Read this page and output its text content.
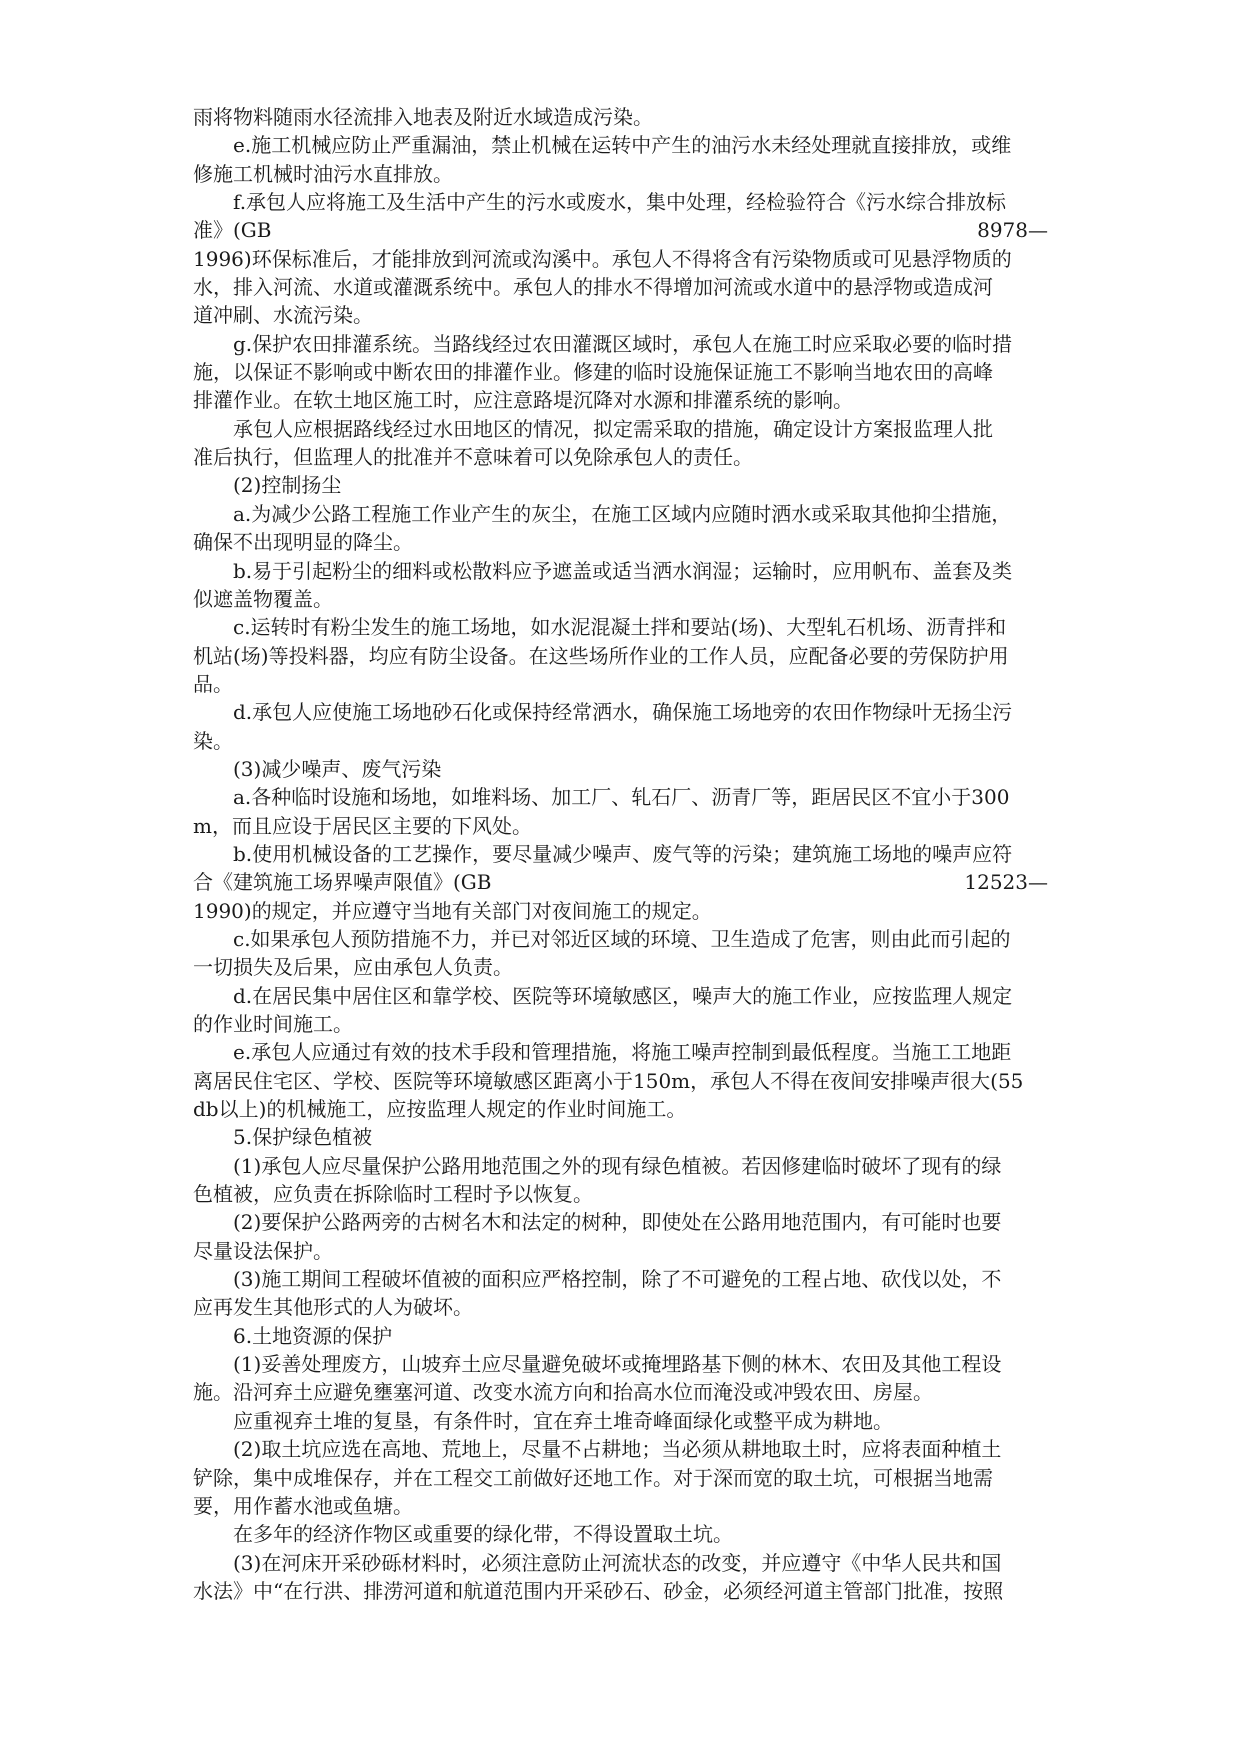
雨将物料随雨水径流排入地表及附近水域造成污染。
e.施工机械应防止严重漏油，禁止机械在运转中产生的油污水未经处理就直接排放，或维
修施工机械时油污水直排放。
f.承包人应将施工及生活中产生的污水或废水，集中处理，经检验符合《污水综合排放标
准》(GB	8978—
1996)环保标准后，才能排放到河流或沟溪中。承包人不得将含有污染物质或可见悬浮物质的
水，排入河流、水道或灌溉系统中。承包人的排水不得增加河流或水道中的悬浮物或造成河
道冲刷、水流污染。
g.保护农田排灌系统。当路线经过农田灌溉区域时，承包人在施工时应采取必要的临时措
施，以保证不影响或中断农田的排灌作业。修建的临时设施保证施工不影响当地农田的高峰
排灌作业。在软土地区施工时，应注意路堤沉降对水源和排灌系统的影响。
承包人应根据路线经过水田地区的情况，拟定需采取的措施，确定设计方案报监理人批
准后执行，但监理人的批准并不意味着可以免除承包人的责任。
(2)控制扬尘
a.为减少公路工程施工作业产生的灰尘，在施工区域内应随时洒水或采取其他抑尘措施，
确保不出现明显的降尘。
b.易于引起粉尘的细料或松散料应予遮盖或适当洒水润湿；运输时，应用帆布、盖套及类
似遮盖物覆盖。
c.运转时有粉尘发生的施工场地，如水泥混凝土拌和要站(场)、大型轧石机场、沥青拌和
机站(场)等投料器，均应有防尘设备。在这些场所作业的工作人员，应配备必要的劳保防护用
品。
d.承包人应使施工场地砂石化或保持经常洒水，确保施工场地旁的农田作物绿叶无扬尘污
染。
(3)减少噪声、废气污染
a.各种临时设施和场地，如堆料场、加工厂、轧石厂、沥青厂等，距居民区不宜小于300
m，而且应设于居民区主要的下风处。
b.使用机械设备的工艺操作，要尽量减少噪声、废气等的污染；建筑施工场地的噪声应符
合《建筑施工场界噪声限值》(GB	12523—
1990)的规定，并应遵守当地有关部门对夜间施工的规定。
c.如果承包人预防措施不力，并已对邻近区域的环境、卫生造成了危害，则由此而引起的
一切损失及后果，应由承包人负责。
d.在居民集中居住区和靠学校、医院等环境敏感区，噪声大的施工作业，应按监理人规定
的作业时间施工。
e.承包人应通过有效的技术手段和管理措施，将施工噪声控制到最低程度。当施工工地距
离居民住宅区、学校、医院等环境敏感区距离小于150m，承包人不得在夜间安排噪声很大(55
db以上)的机械施工，应按监理人规定的作业时间施工。
5.保护绿色植被
(1)承包人应尽量保护公路用地范围之外的现有绿色植被。若因修建临时破坏了现有的绿
色植被，应负责在拆除临时工程时予以恢复。
(2)要保护公路两旁的古树名木和法定的树种，即使处在公路用地范围内，有可能时也要
尽量设法保护。
(3)施工期间工程破坏值被的面积应严格控制，除了不可避免的工程占地、砍伐以处，不
应再发生其他形式的人为破坏。
6.土地资源的保护
(1)妥善处理废方，山坡弃土应尽量避免破坏或掩埋路基下侧的林木、农田及其他工程设
施。沿河弃土应避免壅塞河道、改变水流方向和抬高水位而淹没或冲毁农田、房屋。
应重视弃土堆的复垦，有条件时，宜在弃土堆奇峰面绿化或整平成为耕地。
(2)取土坑应选在高地、荒地上，尽量不占耕地；当必须从耕地取土时，应将表面种植土
铲除，集中成堆保存，并在工程交工前做好还地工作。对于深而宽的取土坑，可根据当地需
要，用作蓄水池或鱼塘。
在多年的经济作物区或重要的绿化带，不得设置取土坑。
(3)在河床开采砂砾材料时，必须注意防止河流状态的改变，并应遵守《中华人民共和国
水法》中“在行洪、排涝河道和航道范围内开采砂石、砂金，必须经河道主管部门批准，按照
